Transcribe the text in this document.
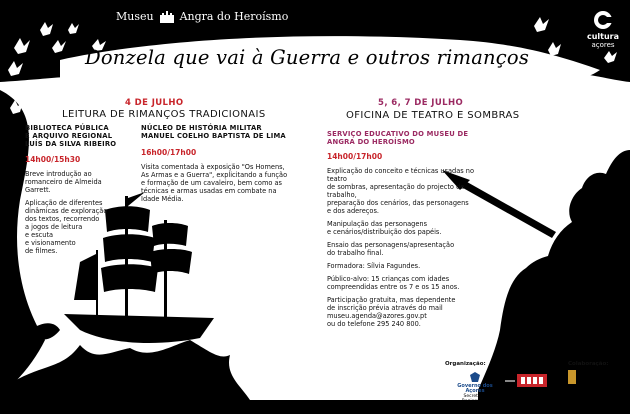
Museu Angra do Heroísmo
cultura
açores
Donzela que vai à Guerra e outros rimanços
4 DE JULHO
LEITURA DE RIMANÇOS TRADICIONAIS
BIBLIOTECA PÚBLICA
E ARQUIVO REGIONAL
LUÍS DA SILVA RIBEIRO
14h00/15h30

Breve introdução ao
romanceiro de Almeida
Garrett.

Aplicação de diferentes
dinâmicas de exploração
dos textos, recorrendo
a jogos de leitura
e escuta
e visionamento
de filmes.

NÚCLEO DE HISTÓRIA MILITAR
MANUEL COELHO BAPTISTA DE LIMA
16h00/17h00
Visita comentada à exposição "Os Homens,
As Armas e a Guerra", explicitando a função
e formação de um cavaleiro, bem como as
técnicas e armas usadas em combate na
Idade Média.
5, 6, 7 DE JULHO
OFICINA DE TEATRO E SOMBRAS
SERVIÇO EDUCATIVO DO MUSEU DE ANGRA DO HEROÍSMO
14h00/17h00

Explicação do conceito e técnicas usadas no teatro
de sombras, apresentação do projecto de trabalho,
preparação dos cenários, das personagens
e dos adereços.

Manipulação das personagens
e cenários/distribuição dos papéis.

Ensaio das personagens/apresentação
do trabalho final.

Formadora: Sílvia Fagundes.

Público-alvo: 15 crianças com idades
compreendidas entre os 7 e os 15 anos.

Participação gratuita, mas dependente
de inscrição prévia através do mail
museu.agenda@azores.gov.pt
ou do telefone 295 240 800.

Organização:	Colaboração:
Governo dos Açores
Secretaria Regional da Educação e Formação
BIBLIOTECA PÚBLICA E ARQUIVO REGIONAL LUÍS DA SILVA RIBEIRO
